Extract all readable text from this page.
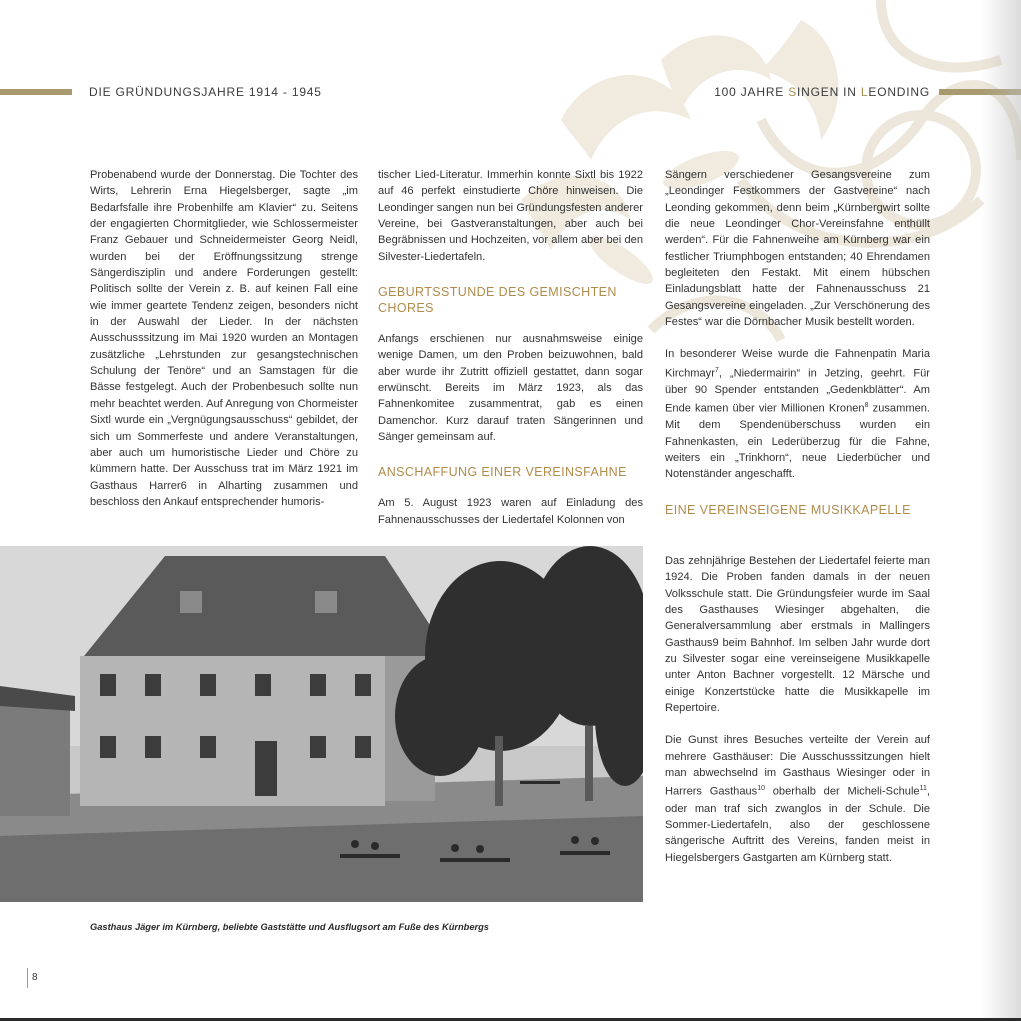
DIE GRÜNDUNGSJAHRE 1914 - 1945	100 JAHRE SINGEN IN LEONDING

Probenabend wurde der Donnerstag. Die Tochter des Wirts, Lehrerin Erna Hiegelsberger, sagte „im Bedarfsfalle ihre Probenhilfe am Klavier“ zu. Seitens der engagierten Chormitglieder, wie Schlossermeister Franz Gebauer und Schneidermeister Georg Neidl, wurden bei der Eröffnungssitzung strenge Sängerdisziplin und andere Forderungen gestellt: Politisch sollte der Verein z. B. auf keinen Fall eine wie immer geartete Tendenz zeigen, besonders nicht in der Auswahl der Lieder. In der nächsten Ausschusssitzung im Mai 1920 wurden an Montagen zusätzliche „Lehrstunden zur gesangstechnischen Schulung der Tenöre“ und an Samstagen für die Bässe festgelegt. Auch der Probenbesuch sollte nun mehr beachtet werden. Auf Anregung von Chormeister Sixtl wurde ein „Vergnügungsausschuss“ gebildet, der sich um Sommerfeste und andere Veranstaltungen, aber auch um humoristische Lieder und Chöre zu kümmern hatte. Der Ausschuss trat im März 1921 im Gasthaus Harrer6 in Alharting zusammen und beschloss den Ankauf entsprechender humoris-

tischer Lied-Literatur. Immerhin konnte Sixtl bis 1922 auf 46 perfekt einstudierte Chöre hinweisen. Die Leondinger sangen nun bei Gründungsfesten anderer Vereine, bei Gastveranstaltungen, aber auch bei Begräbnissen und Hochzeiten, vor allem aber bei den Silvester-Liedertafeln.

GEBURTSSTUNDE DES GEMISCHTEN CHORES

Anfangs erschienen nur ausnahmsweise einige wenige Damen, um den Proben beizuwohnen, bald aber wurde ihr Zutritt offiziell gestattet, dann sogar erwünscht. Bereits im März 1923, als das Fahnenkomitee zusammentrat, gab es einen Damenchor. Kurz darauf traten Sängerinnen und Sänger gemeinsam auf.

ANSCHAFFUNG EINER VEREINSFAHNE

Am 5. August 1923 waren auf Einladung des Fahnenausschusses der Liedertafel Kolonnen von

Sängern verschiedener Gesangsvereine zum „Leondinger Festkommers der Gastvereine“ nach Leonding gekommen, denn beim „Kürnbergwirt sollte die neue Leondinger Chor-Vereinsfahne enthüllt werden“. Für die Fahnenweihe am Kürnberg war ein festlicher Triumphbogen entstanden; 40 Ehrendamen begleiteten den Festakt. Mit einem hübschen Einladungsblatt hatte der Fahnenausschuss 21 Gesangsvereine eingeladen. „Zur Verschönerung des Festes“ war die Dörnbacher Musik bestellt worden.

In besonderer Weise wurde die Fahnenpatin Maria Kirchmayr$^7$, „Niedermairin“ in Jetzing, geehrt. Für über 90 Spender entstanden „Gedenkblätter“. Am Ende kamen über vier Millionen Kronen$^8$ zusammen. Mit dem Spendenüberschuss wurden ein Fahnenkasten, ein Lederüberzug für die Fahne, weiters ein „Trinkhorn“, neue Liederbücher und Notenständer angeschafft.

EINE VEREINSEIGENE MUSIKKAPELLE

Das zehnjährige Bestehen der Liedertafel feierte man 1924. Die Proben fanden damals in der neuen Volksschule statt. Die Gründungsfeier wurde im Saal des Gasthauses Wiesinger abgehalten, die Generalversammlung aber erstmals in Mallingers Gasthaus9 beim Bahnhof. Im selben Jahr wurde dort zu Silvester sogar eine vereinseigene Musikkapelle unter Anton Bachner vorgestellt. 12 Märsche und einige Konzertstücke hatte die Musikkapelle im Repertoire.

Die Gunst ihres Besuches verteilte der Verein auf mehrere Gasthäuser: Die Ausschusssitzungen hielt man abwechselnd im Gasthaus Wiesinger oder in Harrers Gasthaus$^{10}$ oberhalb der Micheli-Schule$^{11}$, oder man traf sich zwanglos in der Schule. Die Sommer-Liedertafeln, also der geschlossene sängerische Auftritt des Vereins, fanden meist in Hiegelsbergers Gastgarten am Kürnberg statt.

Gasthaus Jäger im Kürnberg, beliebte Gaststätte und Ausflugsort am Fuße des Kürnbergs
8
